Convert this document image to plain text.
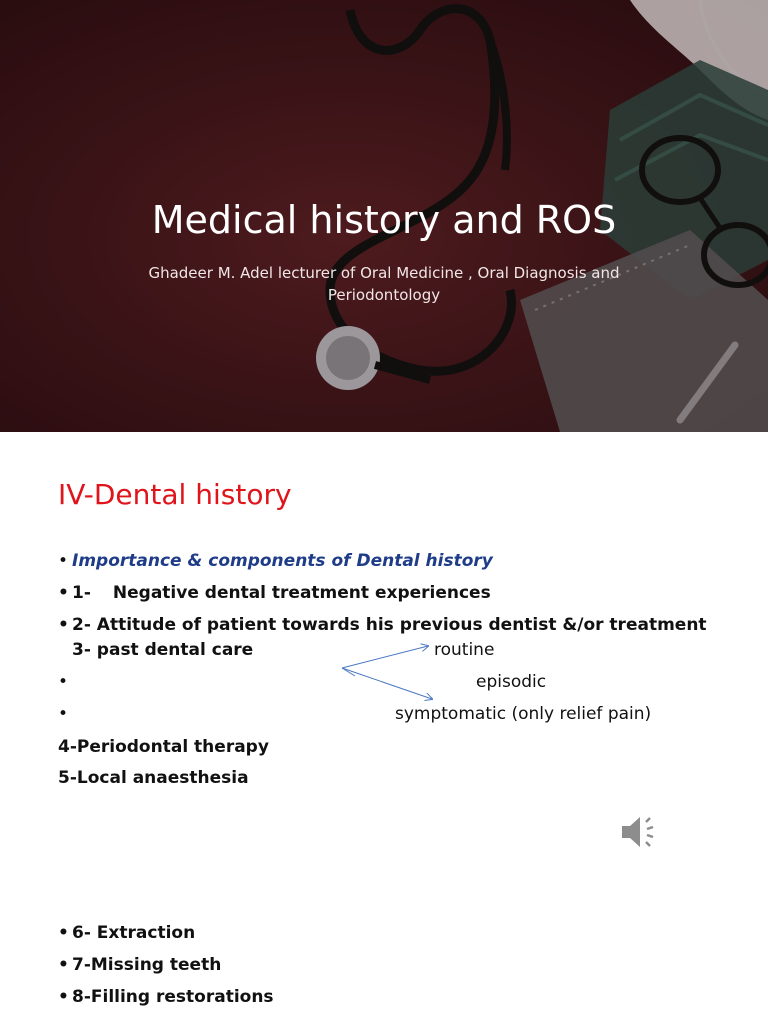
Medical history and ROS
Ghadeer M. Adel lecturer of Oral Medicine , Oral Diagnosis and
Periodontology
IV-Dental history
• Importance & components of Dental history
• 1- Negative dental treatment experiences
• 2- Attitude of patient towards his previous dentist &/or treatment
3- past dental care	routine
•	episodic
•	symptomatic (only relief pain)
4-Periodontal therapy
5-Local anaesthesia
• 6- Extraction
• 7-Missing teeth
• 8-Filling restorations
